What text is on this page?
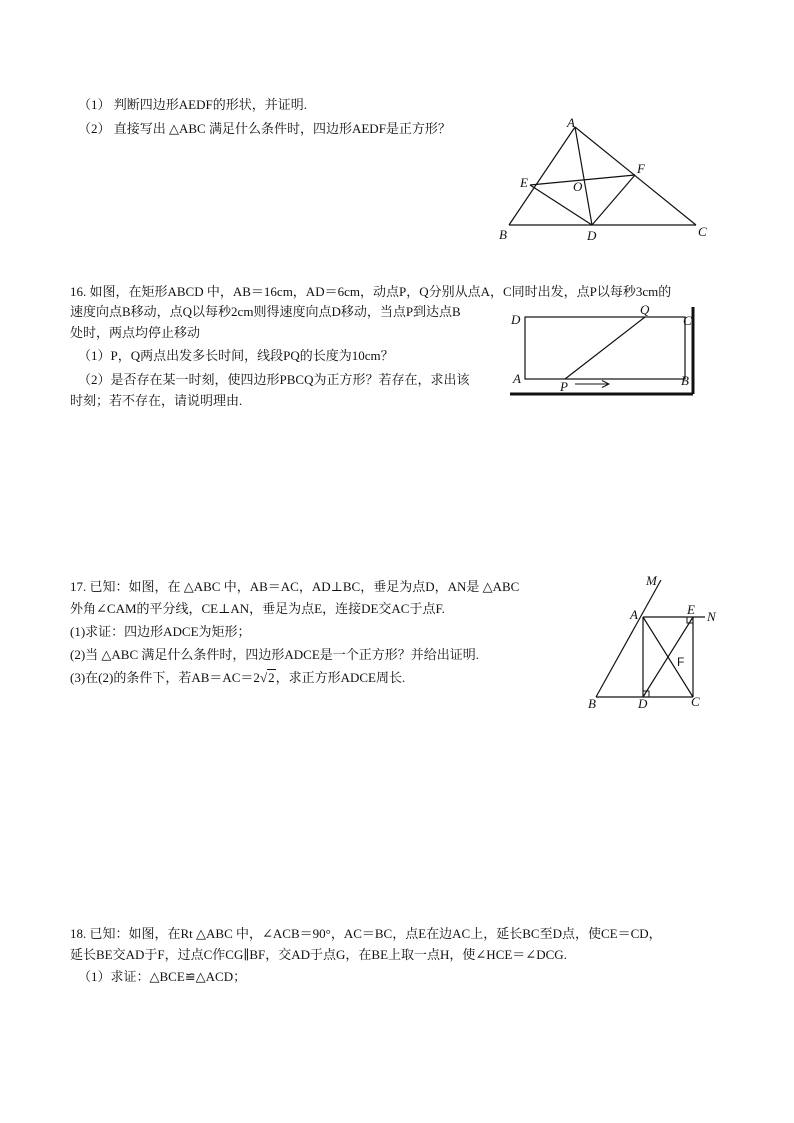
（1） 判断四边形AEDF的形状，并证明.
（2） 直接写出 △ABC 满足什么条件时，四边形AEDF是正方形？	A
B	C
D
E
F
O
16. 如图，在矩形ABCD 中，AB＝16cm，AD＝6cm，动点P，Q分别从点A，C同时出发，点P以每秒3cm的
速度向点B移动，点Q以每秒2cm则得速度向点D移动，当点P到达点B
处时，两点均停止移动
（1）P，Q两点出发多长时间，线段PQ的长度为10cm？
（2）是否存在某一时刻，使四边形PBCQ为正方形？若存在，求出该
时刻；若不存在，请说明理由.
D	C
A	B
P
Q
17. 已知：如图，在 △ABC 中，AB＝AC，AD⊥BC，垂足为点D，AN是 △ABC
外角∠CAM的平分线，CE⊥AN，垂足为点E，连接DE交AC于点F.
(1)求证：四边形ADCE为矩形；
(2)当 △ABC 满足什么条件时，四边形ADCE是一个正方形？并给出证明.
(3)在(2)的条件下，若AB＝AC＝2√2，求正方形ADCE周长.
M
N
A	E
F
B	D	C
18. 已知：如图，在Rt △ABC 中，∠ACB＝90°，AC＝BC，点E在边AC上，延长BC至D点，使CE＝CD，
延长BE交AD于F，过点C作CG∥BF，交AD于点G，在BE上取一点H，使∠HCE＝∠DCG.
（1）求证：△BCE≌△ACD；
